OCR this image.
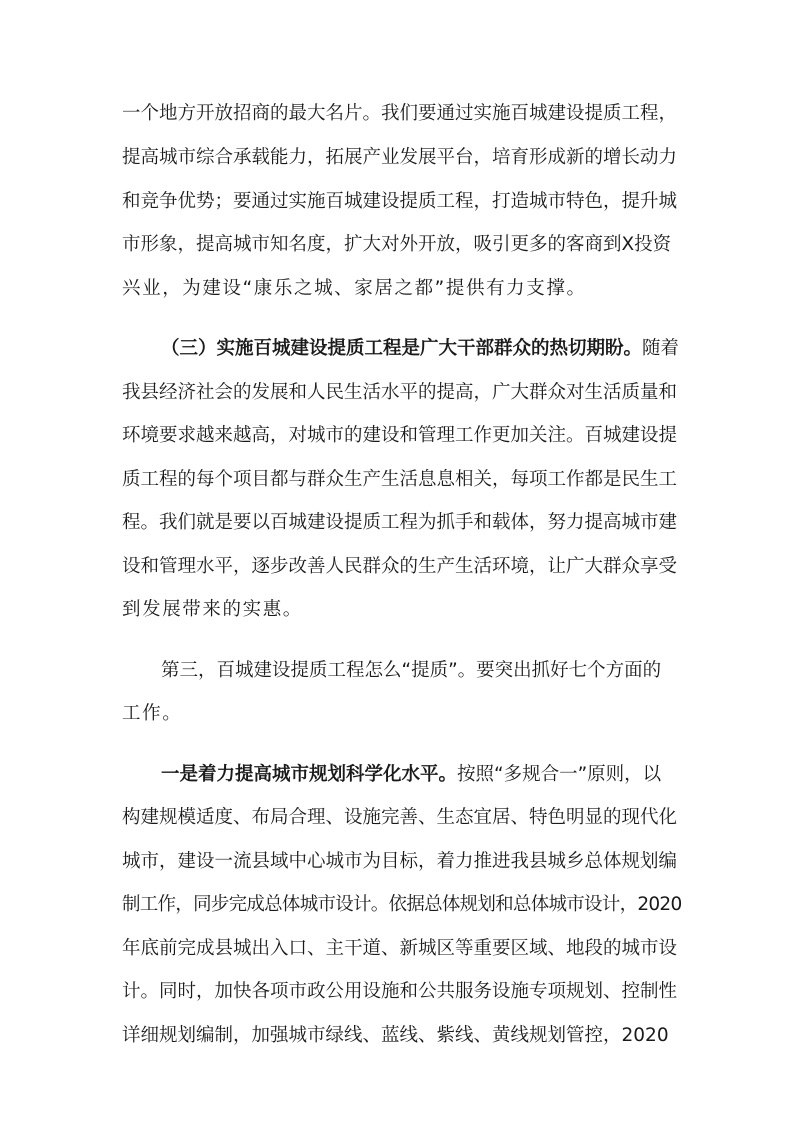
一个地方开放招商的最大名片。我们要通过实施百城建设提质工程，
提高城市综合承载能力，拓展产业发展平台，培育形成新的增长动力
和竞争优势；要通过实施百城建设提质工程，打造城市特色，提升城
市形象，提高城市知名度，扩大对外开放，吸引更多的客商到X投资
兴业，为建设“康乐之城、家居之都”提供有力支撑。
（三）实施百城建设提质工程是广大干部群众的热切期盼。随着
我县经济社会的发展和人民生活水平的提高，广大群众对生活质量和
环境要求越来越高，对城市的建设和管理工作更加关注。百城建设提
质工程的每个项目都与群众生产生活息息相关，每项工作都是民生工
程。我们就是要以百城建设提质工程为抓手和载体，努力提高城市建
设和管理水平，逐步改善人民群众的生产生活环境，让广大群众享受
到发展带来的实惠。
第三，百城建设提质工程怎么“提质”。要突出抓好七个方面的
工作。
一是着力提高城市规划科学化水平。按照“多规合一”原则，以
构建规模适度、布局合理、设施完善、生态宜居、特色明显的现代化
城市，建设一流县域中心城市为目标，着力推进我县城乡总体规划编
制工作，同步完成总体城市设计。依据总体规划和总体城市设计，2020
年底前完成县城出入口、主干道、新城区等重要区域、地段的城市设
计。同时，加快各项市政公用设施和公共服务设施专项规划、控制性
详细规划编制，加强城市绿线、蓝线、紫线、黄线规划管控，2020
